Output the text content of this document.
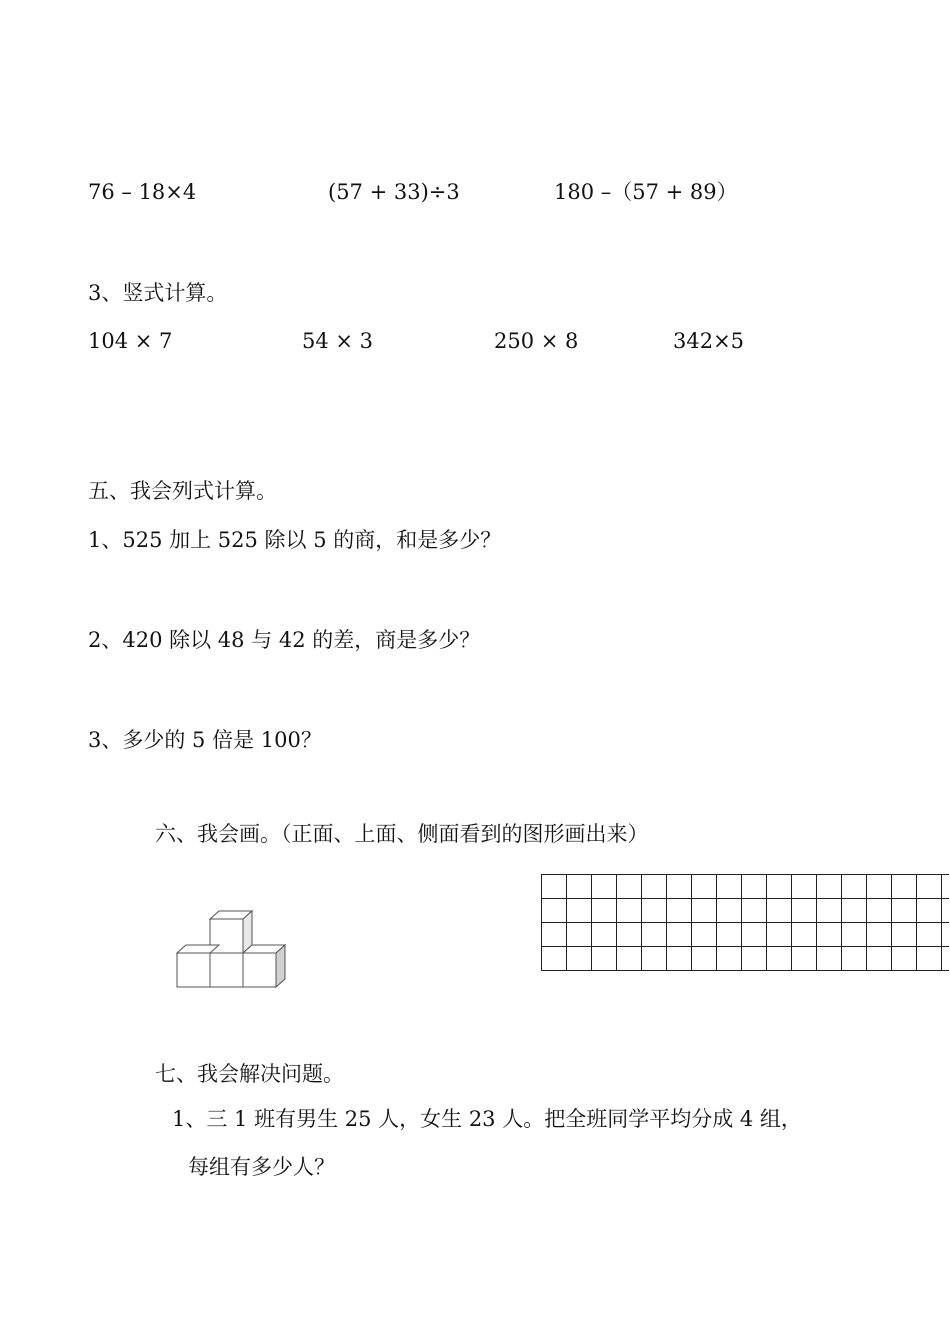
76 – 18×4	(57 + 33)÷3	180 –（57 + 89）
3、竖式计算。
104 × 7	54 × 3	250 × 8	342×5
五、我会列式计算。
1、525 加上 525 除以 5 的商，和是多少？
2、420 除以 48 与 42 的差，商是多少？
3、多少的 5 倍是 100？
六、我会画。（正面、上面、侧面看到的图形画出来）
七、我会解决问题。
1、三 1 班有男生 25 人，女生 23 人。把全班同学平均分成 4 组，
每组有多少人？
